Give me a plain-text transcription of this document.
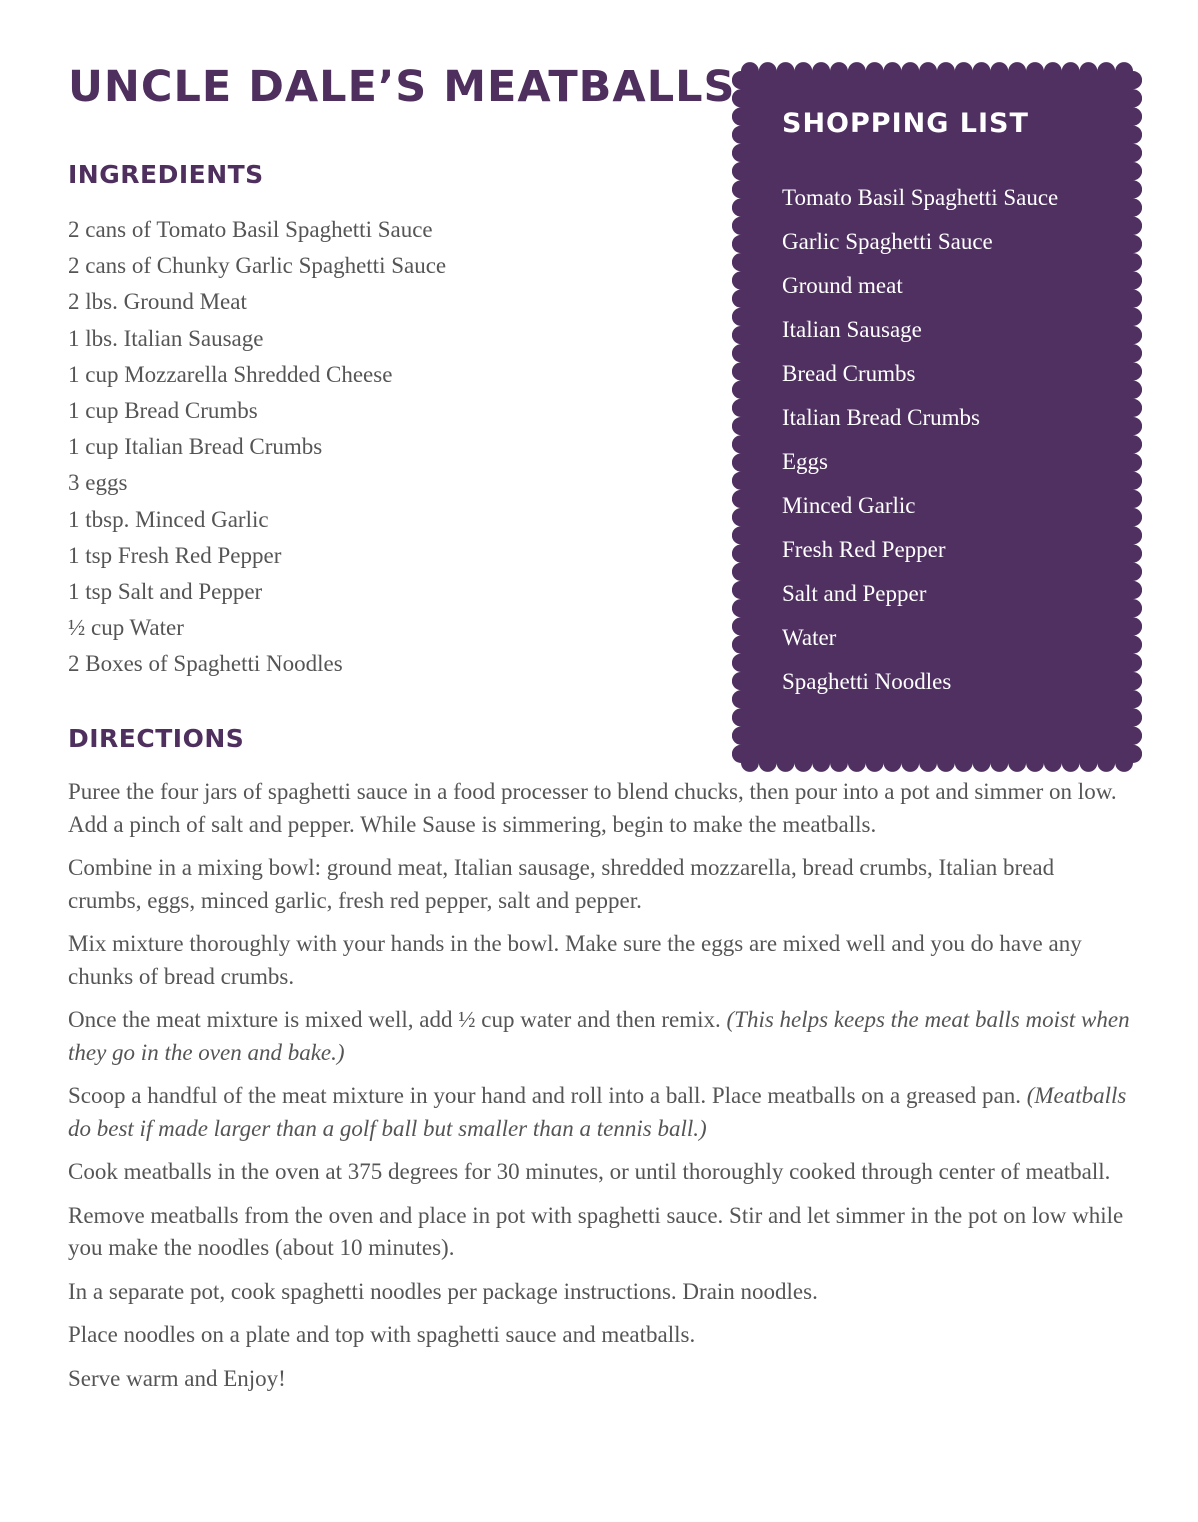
UNCLE DALE’S MEATBALLS
INGREDIENTS
2 cans of Tomato Basil Spaghetti Sauce
2 cans of Chunky Garlic Spaghetti Sauce
2 lbs. Ground Meat
1 lbs. Italian Sausage
1 cup Mozzarella Shredded Cheese
1 cup Bread Crumbs
1 cup Italian Bread Crumbs
3 eggs
1 tbsp. Minced Garlic
1 tsp Fresh Red Pepper
1 tsp Salt and Pepper
½ cup Water
2 Boxes of Spaghetti Noodles
SHOPPING LIST
Tomato Basil Spaghetti Sauce
Garlic Spaghetti Sauce
Ground meat
Italian Sausage
Bread Crumbs
Italian Bread Crumbs
Eggs
Minced Garlic
Fresh Red Pepper
Salt and Pepper
Water
Spaghetti Noodles
DIRECTIONS

Puree the four jars of spaghetti sauce in a food processer to blend chucks, then pour into a pot and simmer on low. Add a pinch of salt and pepper. While Sause is simmering, begin to make the meatballs.

Combine in a mixing bowl: ground meat, Italian sausage, shredded mozzarella, bread crumbs, Italian bread crumbs, eggs, minced garlic, fresh red pepper, salt and pepper.

Mix mixture thoroughly with your hands in the bowl. Make sure the eggs are mixed well and you do have any chunks of bread crumbs.

Once the meat mixture is mixed well, add ½ cup water and then remix. (This helps keeps the meat balls moist when they go in the oven and bake.)

Scoop a handful of the meat mixture in your hand and roll into a ball. Place meatballs on a greased pan. (Meatballs do best if made larger than a golf ball but smaller than a tennis ball.)

Cook meatballs in the oven at 375 degrees for 30 minutes, or until thoroughly cooked through center of meatball.

Remove meatballs from the oven and place in pot with spaghetti sauce. Stir and let simmer in the pot on low while you make the noodles (about 10 minutes).

In a separate pot, cook spaghetti noodles per package instructions. Drain noodles.

Place noodles on a plate and top with spaghetti sauce and meatballs.

Serve warm and Enjoy!
